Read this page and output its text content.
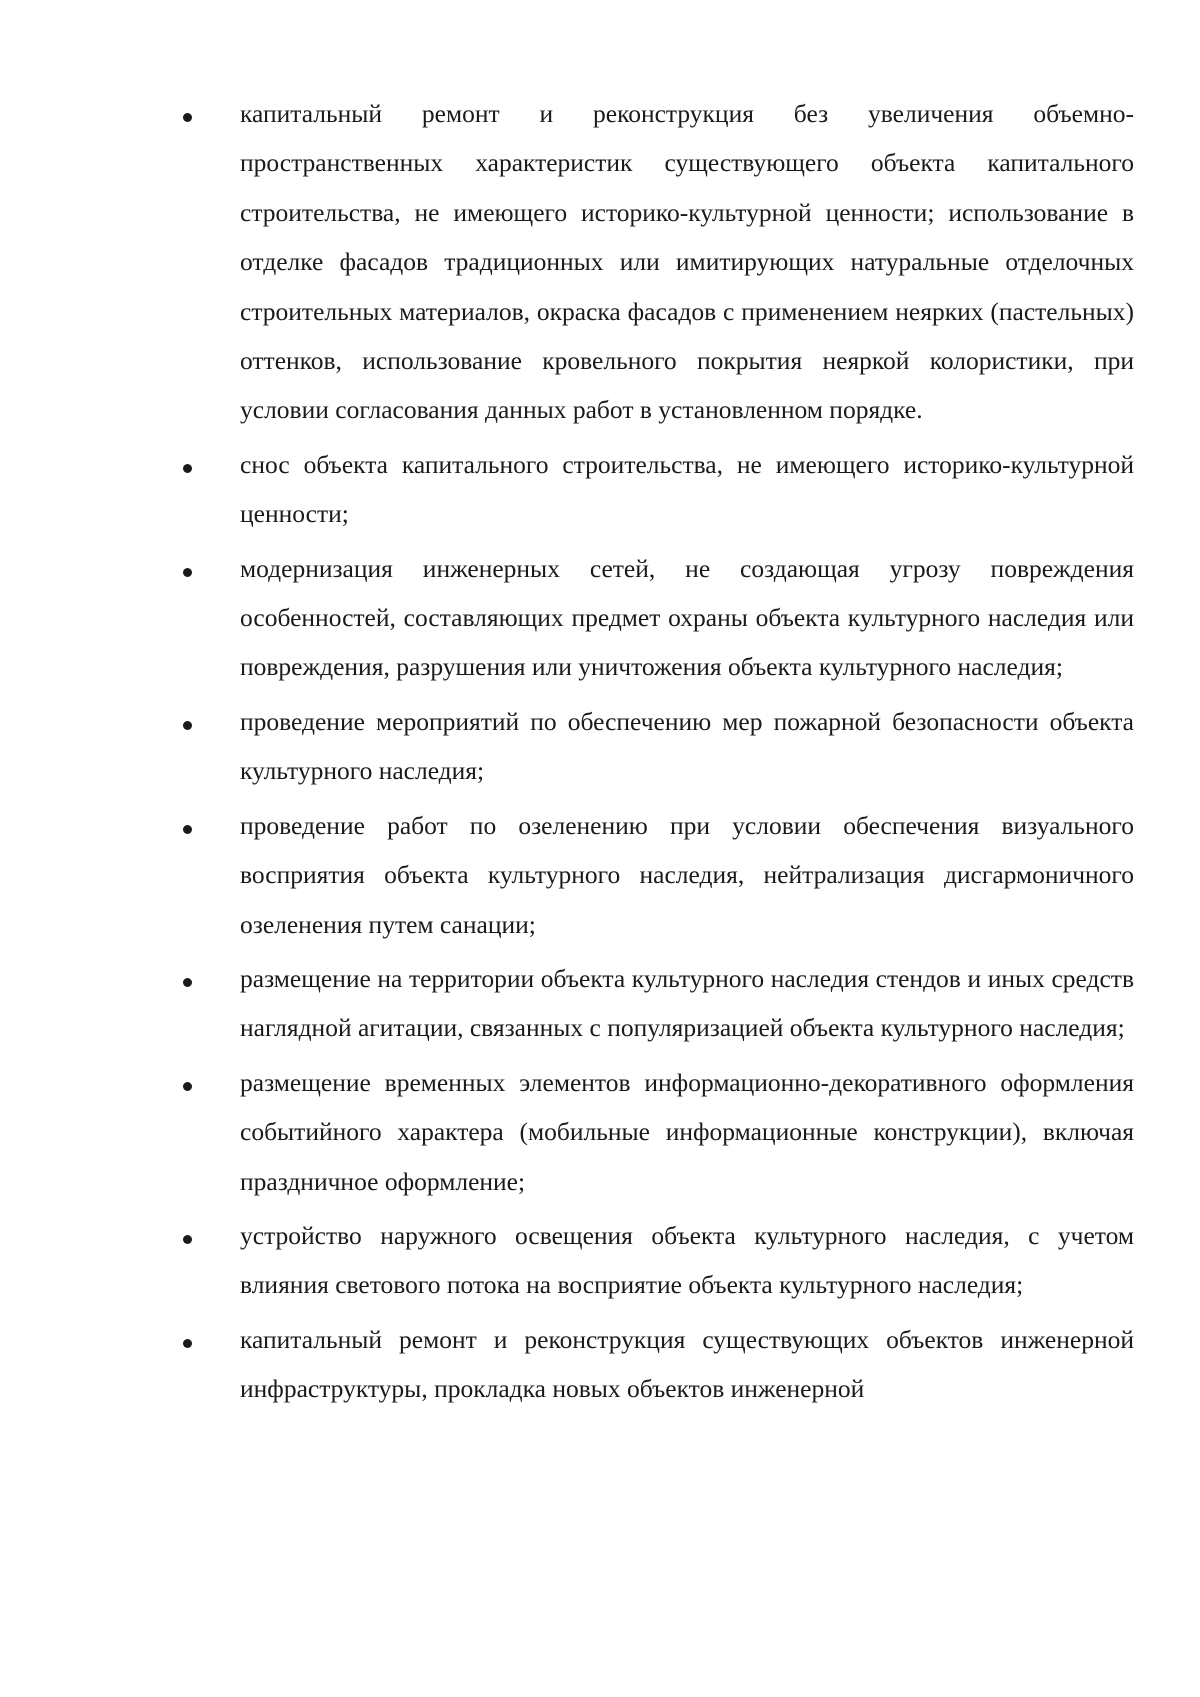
капитальный ремонт и реконструкция без увеличения объемно-пространственных характеристик существующего объекта капитального строительства, не имеющего историко-культурной ценности; использование в отделке фасадов традиционных или имитирующих натуральные отделочных строительных материалов, окраска фасадов с применением неярких (пастельных) оттенков, использование кровельного покрытия неяркой колористики, при условии согласования данных работ в установленном порядке.
снос объекта капитального строительства, не имеющего историко-культурной ценности;
модернизация инженерных сетей, не создающая угрозу повреждения особенностей, составляющих предмет охраны объекта культурного наследия или повреждения, разрушения или уничтожения объекта культурного наследия;
проведение мероприятий по обеспечению мер пожарной безопасности объекта культурного наследия;
проведение работ по озеленению при условии обеспечения визуального восприятия объекта культурного наследия, нейтрализация дисгармоничного озеленения путем санации;
размещение на территории объекта культурного наследия стендов и иных средств наглядной агитации, связанных с популяризацией объекта культурного наследия;
размещение временных элементов информационно-декоративного оформления событийного характера (мобильные информационные конструкции), включая праздничное оформление;
устройство наружного освещения объекта культурного наследия, с учетом влияния светового потока на восприятие объекта культурного наследия;
капитальный ремонт и реконструкция существующих объектов инженерной инфраструктуры, прокладка новых объектов инженерной
